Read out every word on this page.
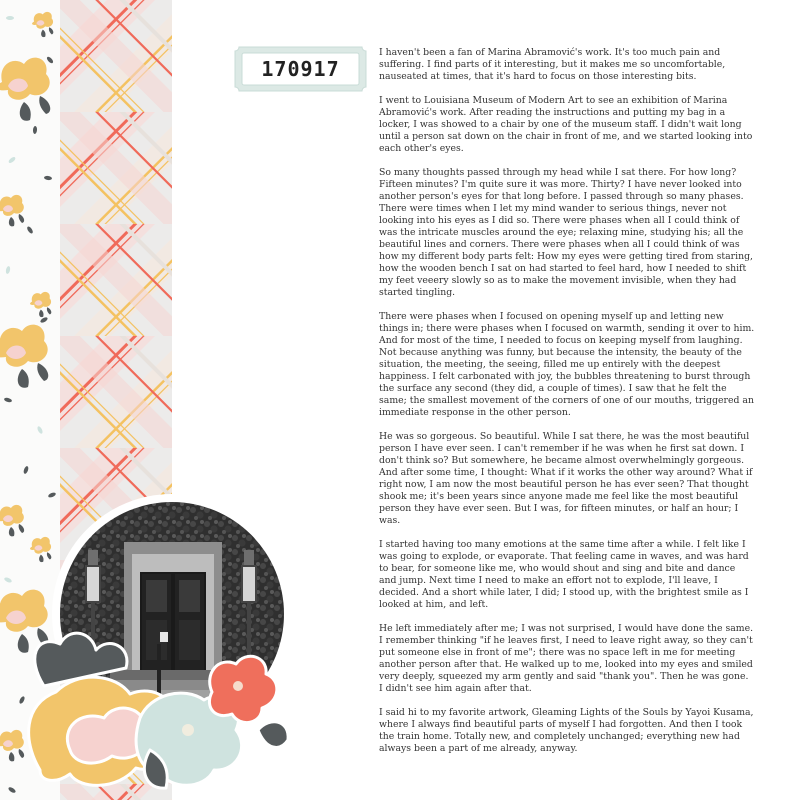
170917

I haven't been a fan of Marina Abramović's work. It's too much pain and suffering. I find parts of it interesting, but it makes me so uncomfortable, nauseated at times, that it's hard to focus on those interesting bits.

I went to Louisiana Museum of Modern Art to see an exhibition of Marina Abramović's work. After reading the instructions and putting my bag in a locker, I was showed to a chair by one of the museum staff. I didn't wait long until a person sat down on the chair in front of me, and we started looking into each other's eyes.

So many thoughts passed through my head while I sat there. For how long? Fifteen minutes? I'm quite sure it was more. Thirty? I have never looked into another person's eyes for that long before. I passed through so many phases. There were times when I let my mind wander to serious things, never not looking into his eyes as I did so. There were phases when all I could think of was the intricate muscles around the eye; relaxing mine, studying his; all the beautiful lines and corners. There were phases when all I could think of was how my different body parts felt: How my eyes were getting tired from staring, how the wooden bench I sat on had started to feel hard, how I needed to shift my feet veeery slowly so as to make the movement invisible, when they had started tingling.

There were phases when I focused on opening myself up and letting new things in; there were phases when I focused on warmth, sending it over to him. And for most of the time, I needed to focus on keeping myself from laughing. Not because anything was funny, but because the intensity, the beauty of the situation, the meeting, the seeing, filled me up entirely with the deepest happiness. I felt carbonated with joy, the bubbles threatening to burst through the surface any second (they did, a couple of times). I saw that he felt the same; the smallest movement of the corners of one of our mouths, triggered an immediate response in the other person.

He was so gorgeous. So beautiful. While I sat there, he was the most beautiful person I have ever seen. I can't remember if he was when he first sat down. I don't think so? But somewhere, he became almost overwhelmingly gorgeous. And after some time, I thought: What if it works the other way around? What if right now, I am now the most beautiful person he has ever seen? That thought shook me; it's been years since anyone made me feel like the most beautiful person they have ever seen. But I was, for fifteen minutes, or half an hour; I was.

I started having too many emotions at the same time after a while. I felt like I was going to explode, or evaporate. That feeling came in waves, and was hard to bear, for someone like me, who would shout and sing and bite and dance and jump. Next time I need to make an effort not to explode, I'll leave, I decided. And a short while later, I did; I stood up, with the brightest smile as I looked at him, and left.

He left immediately after me; I was not surprised, I would have done the same. I remember thinking "if he leaves first, I need to leave right away, so they can't put someone else in front of me"; there was no space left in me for meeting another person after that. He walked up to me, looked into my eyes and smiled very deeply, squeezed my arm gently and said "thank you". Then he was gone. I didn't see him again after that.

I said hi to my favorite artwork, Gleaming Lights of the Souls by Yayoi Kusama, where I always find beautiful parts of myself I had forgotten. And then I took the train home. Totally new, and completely unchanged; everything new had always been a part of me already, anyway.
